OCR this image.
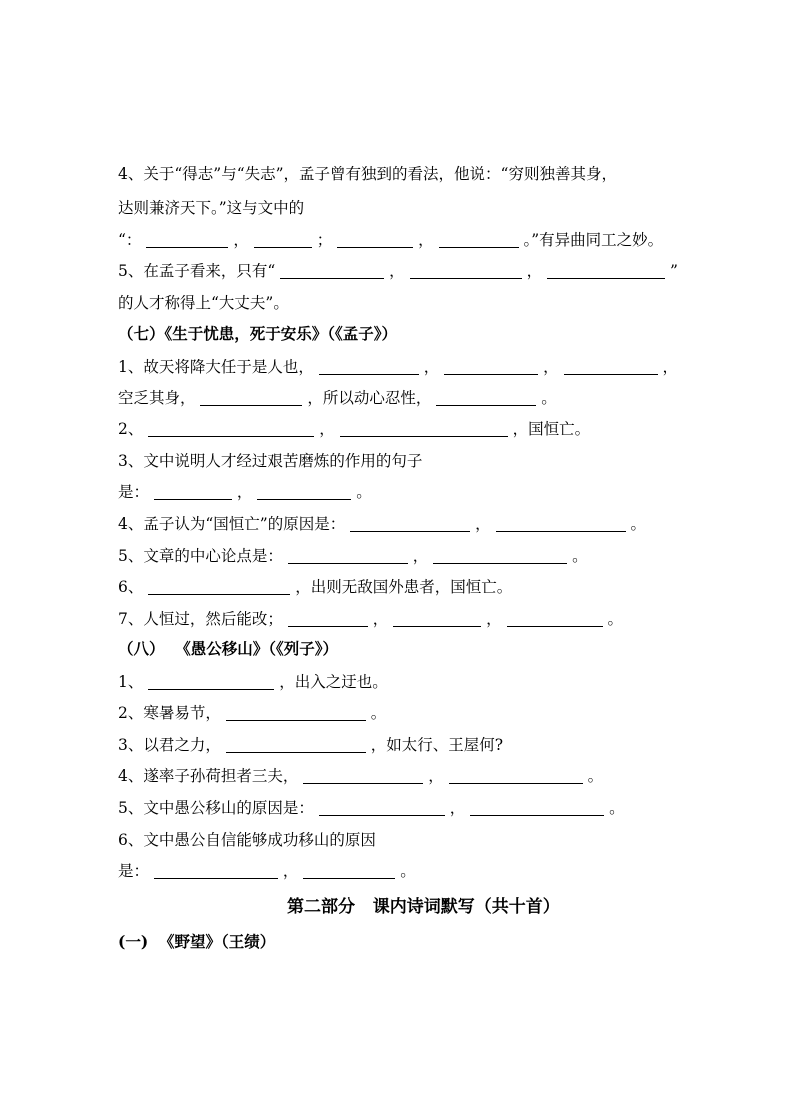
4、关于“得志”与“失志”，孟子曾有独到的看法，他说：“穷则独善其身，
达则兼济天下。”这与文中的
“：	，	；	，	。”有异曲同工之妙。
5、在孟子看来，只有“	，	，	”
的人才称得上“大丈夫”。
（七）《生于忧患，死于安乐》（《孟子》）
1、故天将降大任于是人也，	，	，	，
空乏其身，	，所以动心忍性，	。
2、	，	，国恒亡。
3、文中说明人才经过艰苦磨炼的作用的句子
是：	，	。
4、孟子认为“国恒亡”的原因是：	，	。
5、文章的中心论点是：	，	。
6、	，出则无敌国外患者，国恒亡。
7、人恒过，然后能改；	，	，	。
（八）  《愚公移山》（《列子》）
1、	，出入之迂也。
2、寒暑易节，	。
3、以君之力，	，如太行、王屋何?
4、遂率子孙荷担者三夫，	，	。
5、文中愚公移山的原因是：	，	。
6、文中愚公自信能够成功移山的原因
是：	，	。
第二部分   课内诗词默写（共十首）
(一)  《野望》（王绩）
